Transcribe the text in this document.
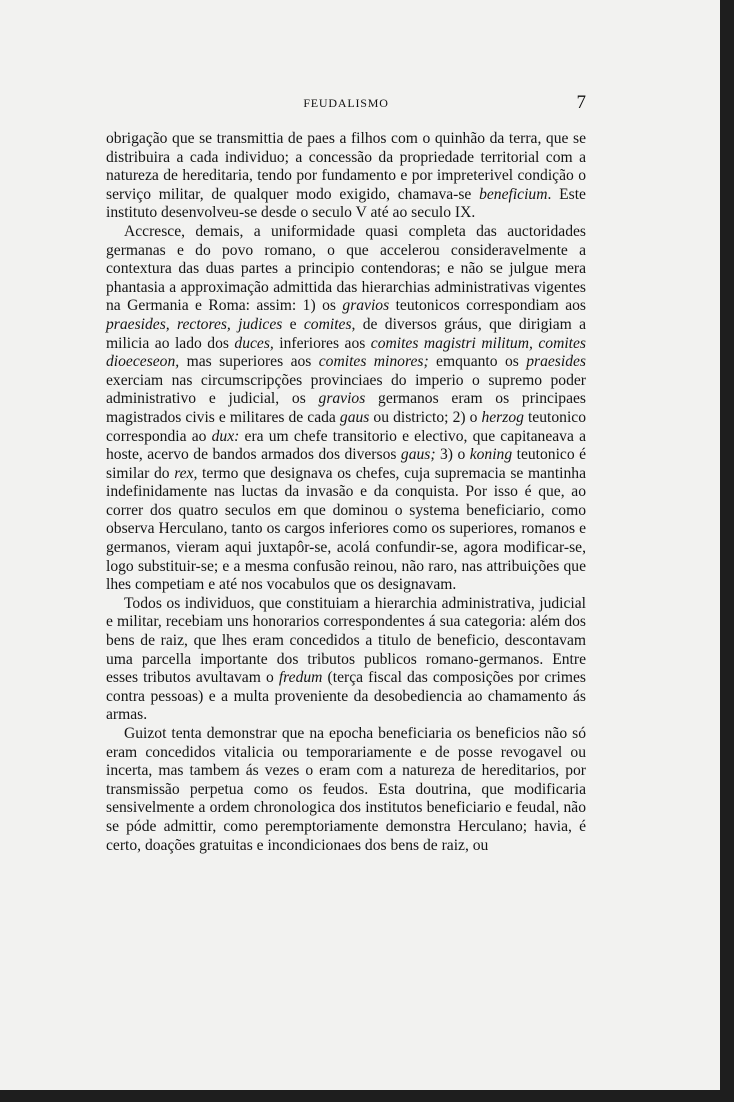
FEUDALISMO	7

obrigação que se transmittia de paes a filhos com o quinhão da terra, que se distribuira a cada individuo; a concessão da propriedade territorial com a natureza de hereditaria, tendo por fundamento e por impreterivel condição o serviço militar, de qualquer modo exigido, chamava-se beneficium. Este instituto desenvolveu-se desde o seculo V até ao seculo IX.

Accresce, demais, a uniformidade quasi completa das auctoridades germanas e do povo romano, o que accelerou consideravelmente a contextura das duas partes a principio contendoras; e não se julgue mera phantasia a approximação admittida das hierarchias administrativas vigentes na Germania e Roma: assim: 1) os gravios teutonicos correspondiam aos praesides, rectores, judices e comites, de diversos gráus, que dirigiam a milicia ao lado dos duces, inferiores aos comites magistri militum, comites dioeceseon, mas superiores aos comites minores; emquanto os praesides exerciam nas circumscripções provinciaes do imperio o supremo poder administrativo e judicial, os gravios germanos eram os principaes magistrados civis e militares de cada gaus ou districto; 2) o herzog teutonico correspondia ao dux: era um chefe transitorio e electivo, que capitaneava a hoste, acervo de bandos armados dos diversos gaus; 3) o koning teutonico é similar do rex, termo que designava os chefes, cuja supremacia se mantinha indefinidamente nas luctas da invasão e da conquista. Por isso é que, ao correr dos quatro seculos em que dominou o systema beneficiario, como observa Herculano, tanto os cargos inferiores como os superiores, romanos e germanos, vieram aqui juxtapôr-se, acolá confundir-se, agora modificar-se, logo substituir-se; e a mesma confusão reinou, não raro, nas attribuições que lhes competiam e até nos vocabulos que os designavam.

Todos os individuos, que constituiam a hierarchia administrativa, judicial e militar, recebiam uns honorarios correspondentes á sua categoria: além dos bens de raiz, que lhes eram concedidos a titulo de beneficio, descontavam uma parcella importante dos tributos publicos romano-germanos. Entre esses tributos avultavam o fredum (terça fiscal das composições por crimes contra pessoas) e a multa proveniente da desobediencia ao chamamento ás armas.

Guizot tenta demonstrar que na epocha beneficiaria os beneficios não só eram concedidos vitalicia ou temporariamente e de posse revogavel ou incerta, mas tambem ás vezes o eram com a natureza de hereditarios, por transmissão perpetua como os feudos. Esta doutrina, que modificaria sensivelmente a ordem chronologica dos institutos beneficiario e feudal, não se póde admittir, como peremptoriamente demonstra Herculano; havia, é certo, doações gratuitas e incondicionaes dos bens de raiz, ou
